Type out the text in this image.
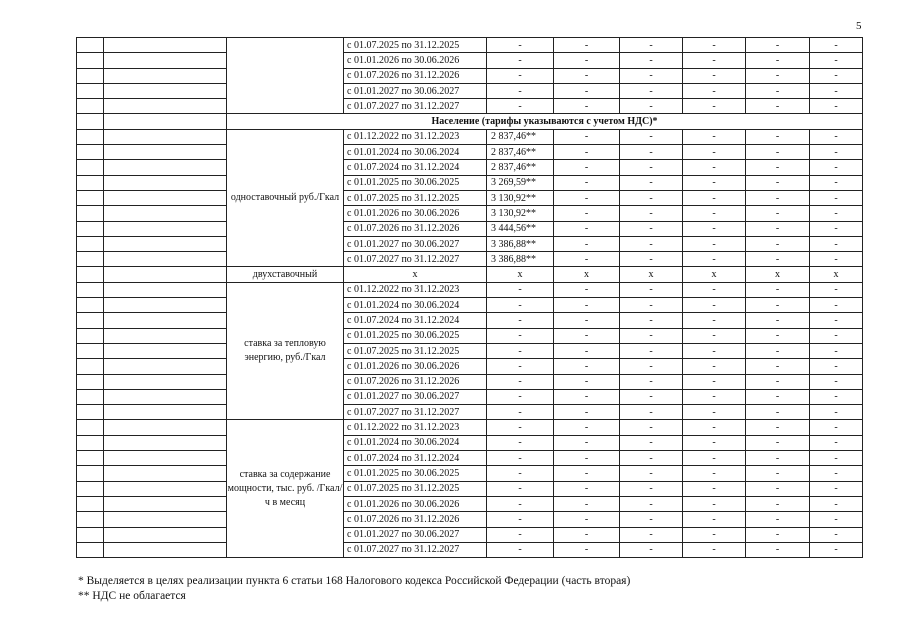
5
			с 01.07.2025 по 31.12.2025	-	-	-	-	-	-
			с 01.01.2026 по 30.06.2026	-	-	-	-	-	-
			с 01.07.2026 по 31.12.2026	-	-	-	-	-	-
			с 01.01.2027 по 30.06.2027	-	-	-	-	-	-
			с 01.07.2027 по 31.12.2027	-	-	-	-	-	-
		Население (тарифы указываются с учетом НДС)*							
		одноставочный руб./Гкал	с 01.12.2022 по 31.12.2023	2 837,46**	-	-	-	-	-
			с 01.01.2024 по 30.06.2024	2 837,46**	-	-	-	-	-
			с 01.07.2024 по 31.12.2024	2 837,46**	-	-	-	-	-
			с 01.01.2025 по 30.06.2025	3 269,59**	-	-	-	-	-
			с 01.07.2025 по 31.12.2025	3 130,92**	-	-	-	-	-
			с 01.01.2026 по 30.06.2026	3 130,92**	-	-	-	-	-
			с 01.07.2026 по 31.12.2026	3 444,56**	-	-	-	-	-
			с 01.01.2027 по 30.06.2027	3 386,88**	-	-	-	-	-
			с 01.07.2027 по 31.12.2027	3 386,88**	-	-	-	-	-
		двухставочный	х	х	х	х	х	х	х
		ставка за тепловую энергию, руб./Гкал	с 01.12.2022 по 31.12.2023	-	-	-	-	-	-
			с 01.01.2024 по 30.06.2024	-	-	-	-	-	-
			с 01.07.2024 по 31.12.2024	-	-	-	-	-	-
			с 01.01.2025 по 30.06.2025	-	-	-	-	-	-
			с 01.07.2025 по 31.12.2025	-	-	-	-	-	-
			с 01.01.2026 по 30.06.2026	-	-	-	-	-	-
			с 01.07.2026 по 31.12.2026	-	-	-	-	-	-
			с 01.01.2027 по 30.06.2027	-	-	-	-	-	-
			с 01.07.2027 по 31.12.2027	-	-	-	-	-	-
		ставка за содержание мощности, тыс. руб. /Гкал/ч в месяц	с 01.12.2022 по 31.12.2023	-	-	-	-	-	-
			с 01.01.2024 по 30.06.2024	-	-	-	-	-	-
			с 01.07.2024 по 31.12.2024	-	-	-	-	-	-
			с 01.01.2025 по 30.06.2025	-	-	-	-	-	-
			с 01.07.2025 по 31.12.2025	-	-	-	-	-	-
			с 01.01.2026 по 30.06.2026	-	-	-	-	-	-
			с 01.07.2026 по 31.12.2026	-	-	-	-	-	-
			с 01.01.2027 по 30.06.2027	-	-	-	-	-	-
			с 01.07.2027 по 31.12.2027	-	-	-	-	-	-
* Выделяется в целях реализации пункта 6 статьи 168 Налогового кодекса Российской Федерации (часть вторая)
** НДС не облагается
